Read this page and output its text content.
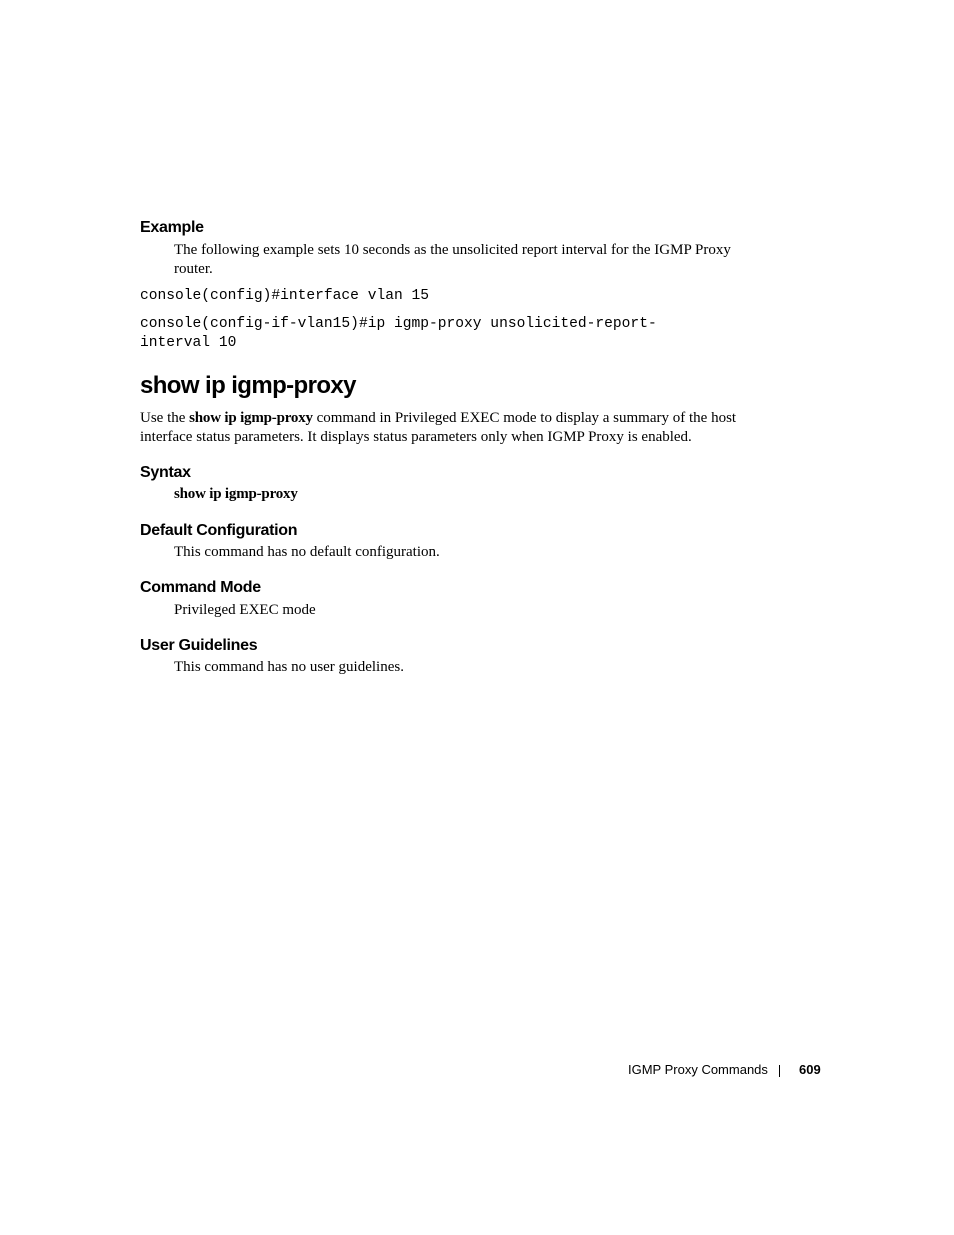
Example
The following example sets 10 seconds as the unsolicited report interval for the IGMP Proxy router.
console(config)#interface vlan 15
console(config-if-vlan15)#ip igmp-proxy unsolicited-report-
interval 10
show ip igmp-proxy
Use the show ip igmp-proxy command in Privileged EXEC mode to display a summary of the host interface status parameters. It displays status parameters only when IGMP Proxy is enabled.
Syntax
show ip igmp-proxy
Default Configuration
This command has no default configuration.
Command Mode
Privileged EXEC mode
User Guidelines
This command has no user guidelines.
IGMP Proxy Commands 609
